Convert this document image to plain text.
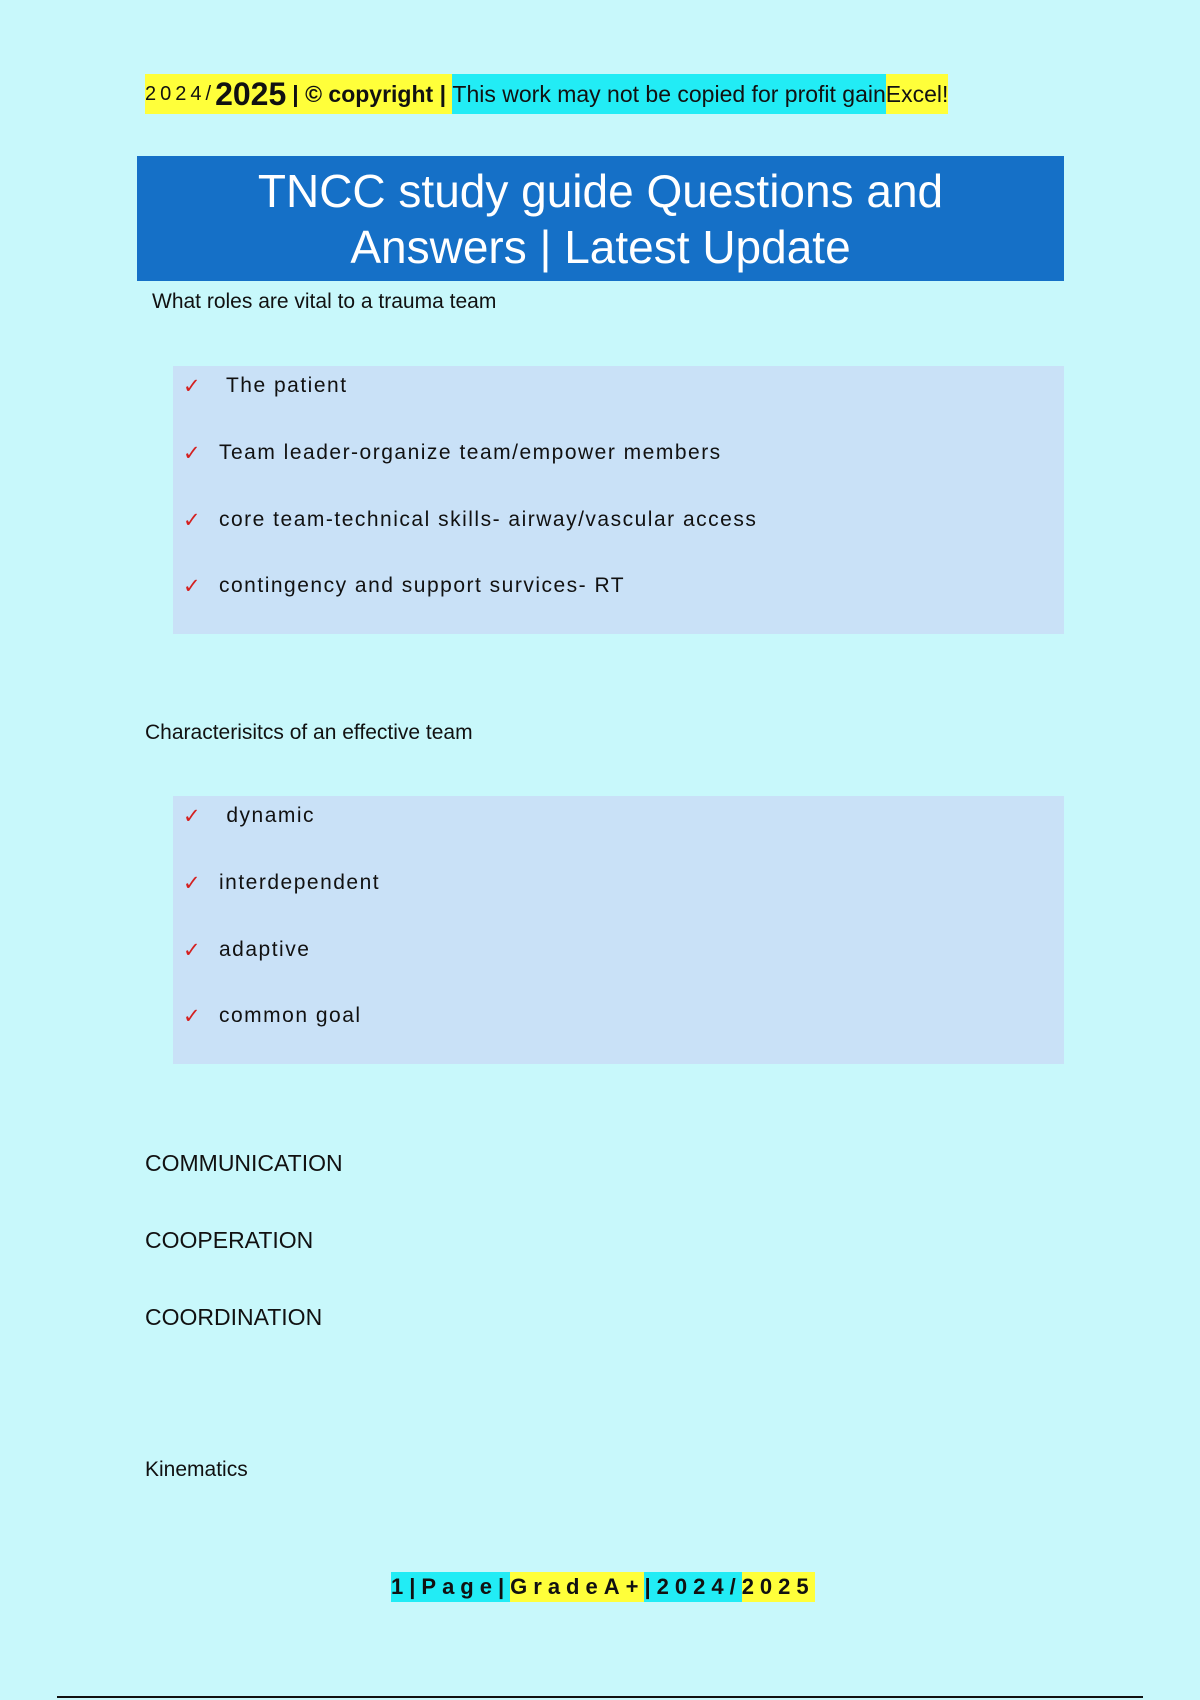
2024/ 2025 | © copyright |
This work may not be copied for profit gain Excel!
TNCC study guide Questions and Answers | Latest Update
What roles are vital to a trauma team
✓ The patient
✓ Team leader-organize team/empower members
✓ core team-technical skills- airway/vascular access
✓ contingency and support survices- RT
Characterisitcs of an effective team
✓ dynamic
✓ interdependent
✓ adaptive
✓ common goal
COMMUNICATION
COOPERATION
COORDINATION
Kinematics
1|Page| GradeA+ |2024/ 2025
